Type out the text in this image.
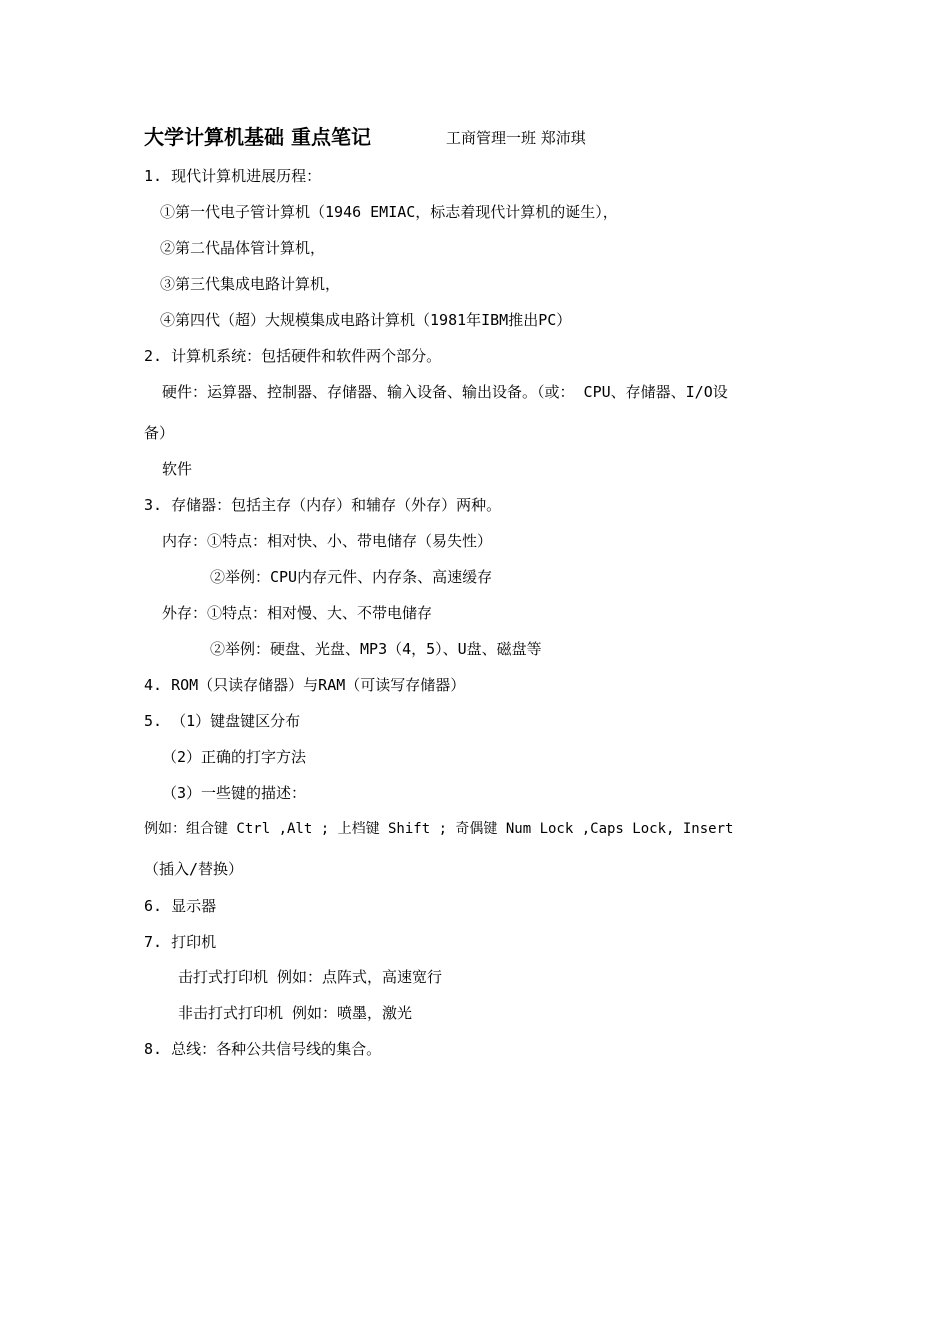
大学计算机基础 重点笔记	工商管理一班 郑沛琪
1. 现代计算机进展历程：
①第一代电子管计算机（1946 EMIAC，标志着现代计算机的诞生），
②第二代晶体管计算机，
③第三代集成电路计算机，
④第四代（超）大规模集成电路计算机（1981年IBM推出PC）
2. 计算机系统：包括硬件和软件两个部分。
硬件：运算器、控制器、存储器、输入设备、输出设备。（或： CPU、存储器、I/O设
备）
软件
3. 存储器：包括主存（内存）和辅存（外存）两种。
内存：①特点：相对快、小、带电储存（易失性）
②举例：CPU内存元件、内存条、高速缓存
外存：①特点：相对慢、大、不带电储存
②举例：硬盘、光盘、MP3（4，5）、U盘、磁盘等
4. ROM（只读存储器）与RAM（可读写存储器）
5. （1）键盘键区分布
（2）正确的打字方法
（3）一些键的描述：
例如：组合键 Ctrl ,Alt ; 上档键 Shift ; 奇偶键 Num Lock ,Caps Lock, Insert
（插入/替换）
6. 显示器
7. 打印机
击打式打印机 例如：点阵式，高速宽行
非击打式打印机 例如：喷墨，激光
8. 总线：各种公共信号线的集合。
